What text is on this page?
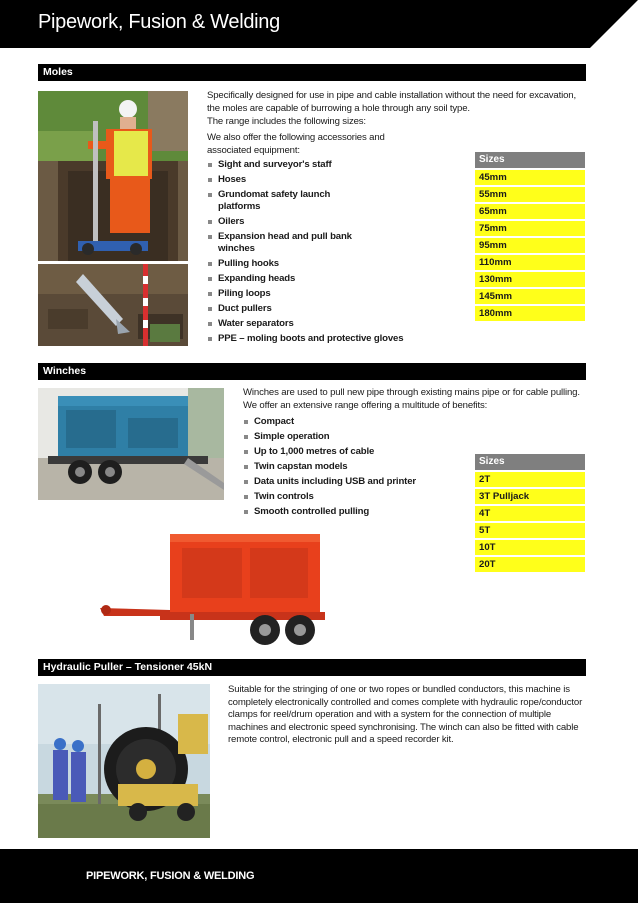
Pipework, Fusion & Welding
Moles
Specifically designed for use in pipe and cable installation without the need for excavation, the moles are capable of burrowing a hole through any soil type.
The range includes the following sizes:
We also offer the following accessories and associated equipment:
Sight and surveyor's staff
Hoses
Grundomat safety launch platforms
Oilers
Expansion head and pull bank winches
Pulling hooks
Expanding heads
Piling loops
Duct pullers
Water separators
PPE – moling boots and protective gloves
Sizes
45mm
55mm
65mm
75mm
95mm
110mm
130mm
145mm
180mm
Winches
Winches are used to pull new pipe through existing mains pipe or for cable pulling. We offer an extensive range offering a multitude of benefits:
Compact
Simple operation
Up to 1,000 metres of cable
Twin capstan models
Data units including USB and printer
Twin controls
Smooth controlled pulling
Sizes
2T
3T Pulljack
4T
5T
10T
20T
Hydraulic Puller – Tensioner 45kN
Suitable for the stringing of one or two ropes or bundled conductors, this machine is completely electronically controlled and comes complete with hydraulic rope/conductor clamps for reel/drum operation and with a system for the connection of multiple machines and electronic speed synchronising. The winch can also be fitted with cable remote control, electronic pull and a speed recorder kit.
PIPEWORK, FUSION & WELDING
